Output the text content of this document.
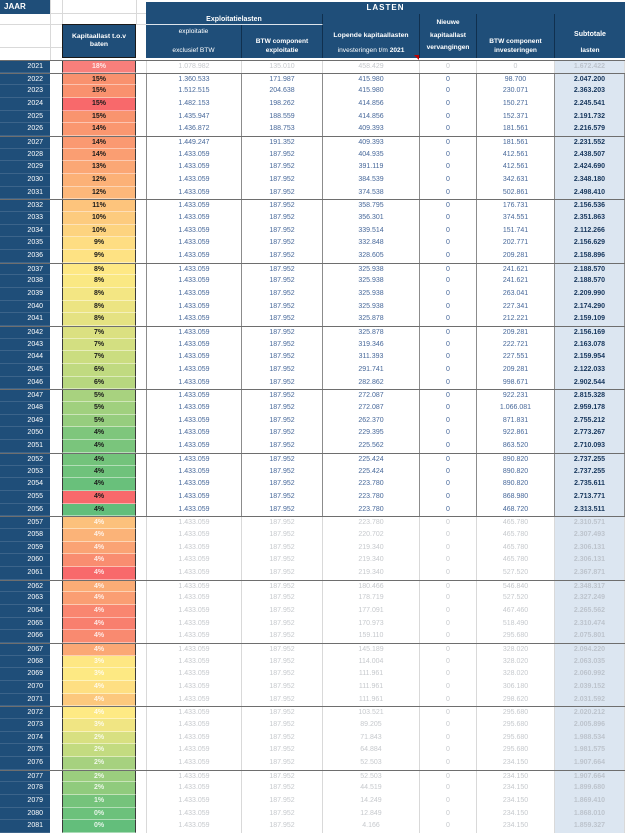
JAAR
Kapitaallast t.o.v
baten
LASTEN
Exploitatielasten
exploitatie
exclusief BTW
BTW component
exploitatie
Lopende kapitaallasten
investeringen t/m 2021
Nieuwe
kapitaallast
vervangingen
BTW component
investeringen
Subtotale
lasten
2021	18%	1.078.982	135.010	458.429	0	0	1.672.422
2022	15%	1.360.533	171.987	415.980	0	98.700	2.047.200
2023	15%	1.512.515	204.638	415.980	0	230.071	2.363.203
2024	15%	1.482.153	198.262	414.856	0	150.271	2.245.541
2025	15%	1.435.947	188.559	414.856	0	152.371	2.191.732
2026	14%	1.436.872	188.753	409.393	0	181.561	2.216.579
2027	14%	1.449.247	191.352	409.393	0	181.561	2.231.552
2028	14%	1.433.059	187.952	404.935	0	412.561	2.438.507
2029	13%	1.433.059	187.952	391.119	0	412.561	2.424.690
2030	12%	1.433.059	187.952	384.539	0	342.631	2.348.180
2031	12%	1.433.059	187.952	374.538	0	502.861	2.498.410
2032	11%	1.433.059	187.952	358.795	0	176.731	2.156.536
2033	10%	1.433.059	187.952	356.301	0	374.551	2.351.863
2034	10%	1.433.059	187.952	339.514	0	151.741	2.112.266
2035	9%	1.433.059	187.952	332.848	0	202.771	2.156.629
2036	9%	1.433.059	187.952	328.605	0	209.281	2.158.896
2037	8%	1.433.059	187.952	325.938	0	241.621	2.188.570
2038	8%	1.433.059	187.952	325.938	0	241.621	2.188.570
2039	8%	1.433.059	187.952	325.938	0	263.041	2.209.990
2040	8%	1.433.059	187.952	325.938	0	227.341	2.174.290
2041	8%	1.433.059	187.952	325.878	0	212.221	2.159.109
2042	7%	1.433.059	187.952	325.878	0	209.281	2.156.169
2043	7%	1.433.059	187.952	319.346	0	222.721	2.163.078
2044	7%	1.433.059	187.952	311.393	0	227.551	2.159.954
2045	6%	1.433.059	187.952	291.741	0	209.281	2.122.033
2046	6%	1.433.059	187.952	282.862	0	998.671	2.902.544
2047	5%	1.433.059	187.952	272.087	0	922.231	2.815.328
2048	5%	1.433.059	187.952	272.087	0	1.066.081	2.959.178
2049	5%	1.433.059	187.952	262.370	0	871.831	2.755.212
2050	4%	1.433.059	187.952	229.395	0	922.861	2.773.267
2051	4%	1.433.059	187.952	225.562	0	863.520	2.710.093
2052	4%	1.433.059	187.952	225.424	0	890.820	2.737.255
2053	4%	1.433.059	187.952	225.424	0	890.820	2.737.255
2054	4%	1.433.059	187.952	223.780	0	890.820	2.735.611
2055	4%	1.433.059	187.952	223.780	0	868.980	2.713.771
2056	4%	1.433.059	187.952	223.780	0	468.720	2.313.511
2057	4%	1.433.059	187.952	223.780	0	465.780	2.310.571
2058	4%	1.433.059	187.952	220.702	0	465.780	2.307.493
2059	4%	1.433.059	187.952	219.340	0	465.780	2.306.131
2060	4%	1.433.059	187.952	219.340	0	465.780	2.306.131
2061	4%	1.433.059	187.952	219.340	0	527.520	2.367.871
2062	4%	1.433.059	187.952	180.466	0	546.840	2.348.317
2063	4%	1.433.059	187.952	178.719	0	527.520	2.327.249
2064	4%	1.433.059	187.952	177.091	0	467.460	2.265.562
2065	4%	1.433.059	187.952	170.973	0	518.490	2.310.474
2066	4%	1.433.059	187.952	159.110	0	295.680	2.075.801
2067	4%	1.433.059	187.952	145.189	0	328.020	2.094.220
2068	3%	1.433.059	187.952	114.004	0	328.020	2.063.035
2069	3%	1.433.059	187.952	111.961	0	328.020	2.060.992
2070	4%	1.433.059	187.952	111.961	0	306.180	2.039.152
2071	4%	1.433.059	187.952	111.961	0	298.620	2.031.592
2072	4%	1.433.059	187.952	103.521	0	295.680	2.020.212
2073	3%	1.433.059	187.952	89.205	0	295.680	2.005.896
2074	2%	1.433.059	187.952	71.843	0	295.680	1.988.534
2075	2%	1.433.059	187.952	64.884	0	295.680	1.981.575
2076	2%	1.433.059	187.952	52.503	0	234.150	1.907.664
2077	2%	1.433.059	187.952	52.503	0	234.150	1.907.664
2078	2%	1.433.059	187.952	44.519	0	234.150	1.899.680
2079	1%	1.433.059	187.952	14.249	0	234.150	1.869.410
2080	0%	1.433.059	187.952	12.849	0	234.150	1.868.010
2081	0%	1.433.059	187.952	4.166	0	234.150	1.859.327
